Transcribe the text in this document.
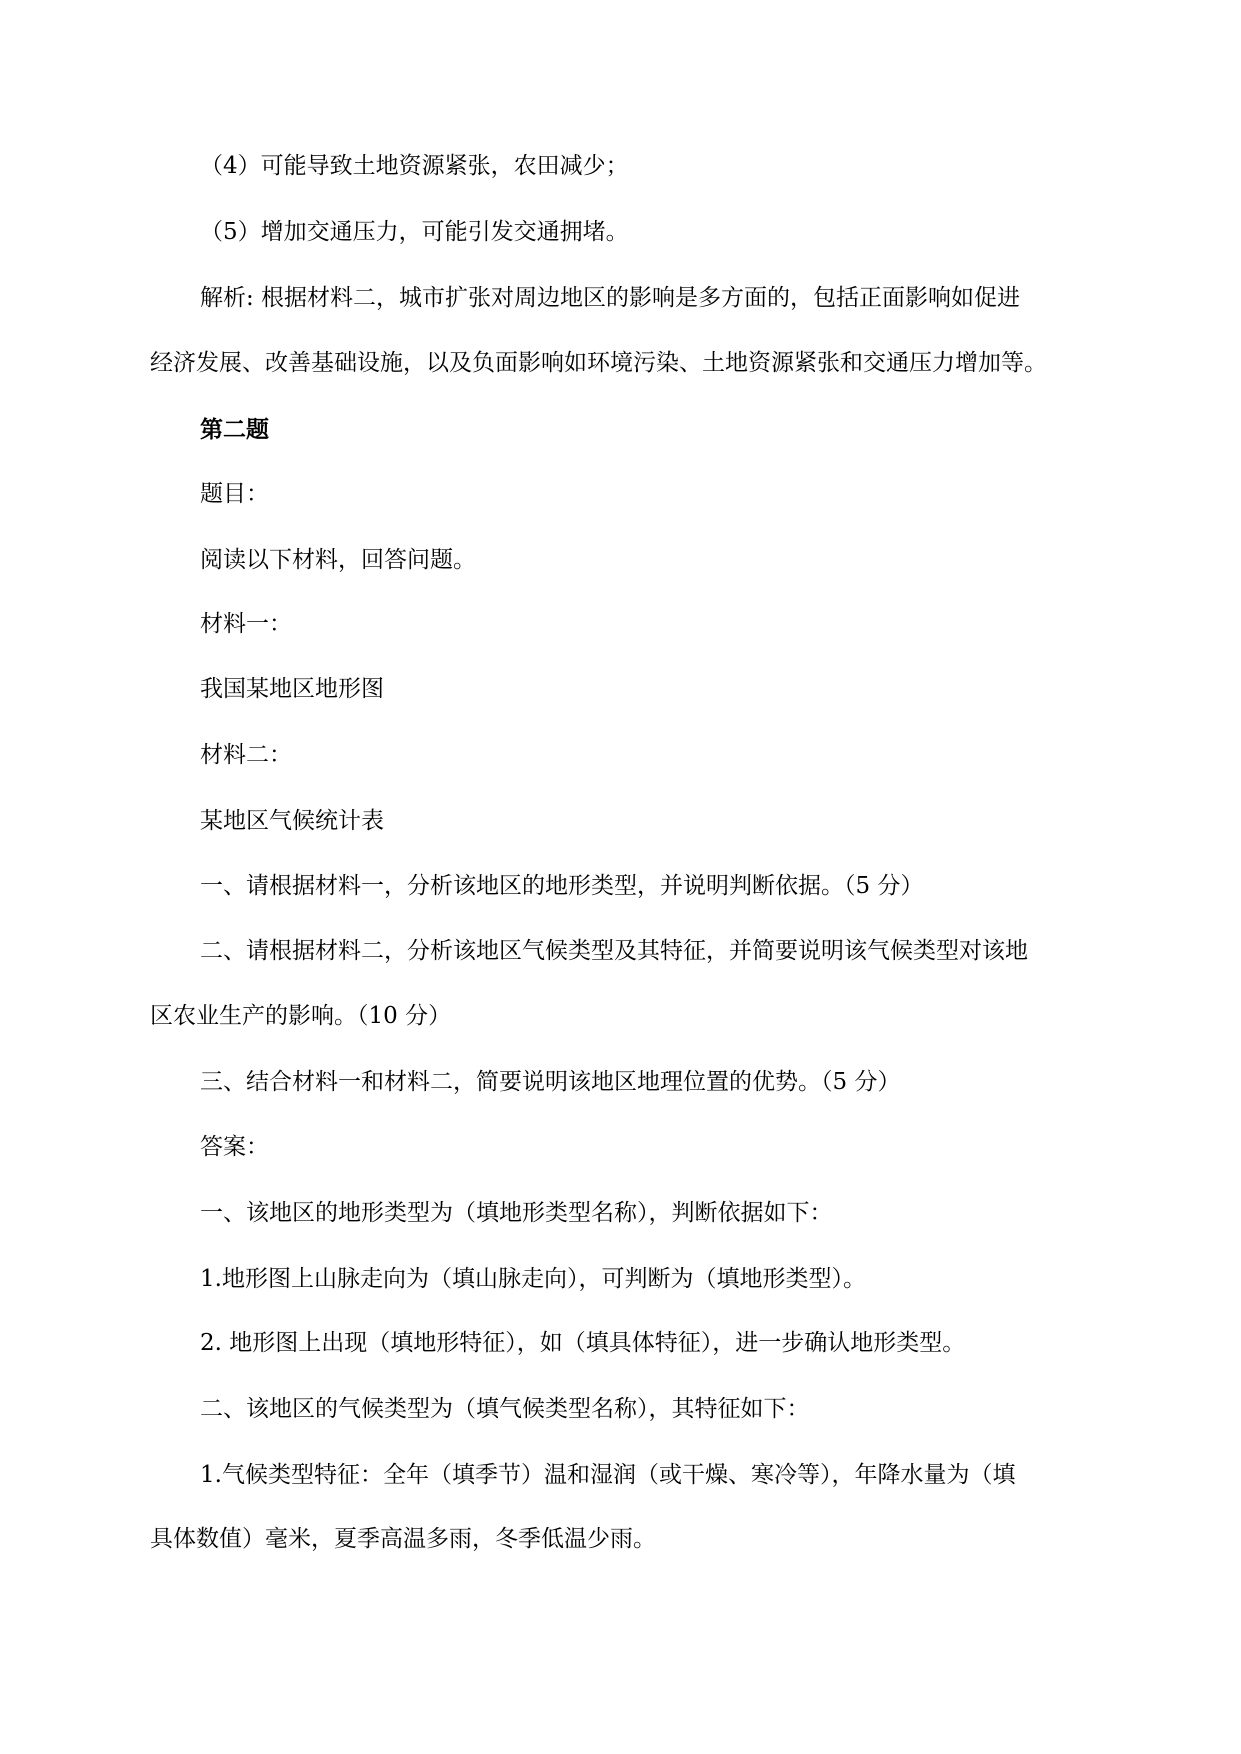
（4）可能导致土地资源紧张，农田减少；
（5）增加交通压力，可能引发交通拥堵。
解析: 根据材料二，城市扩张对周边地区的影响是多方面的，包括正面影响如促进
经济发展、改善基础设施，以及负面影响如环境污染、土地资源紧张和交通压力增加等。
第二题
题目：
阅读以下材料，回答问题。
材料一：
我国某地区地形图
材料二：
某地区气候统计表
一、请根据材料一，分析该地区的地形类型，并说明判断依据。（5 分）
二、请根据材料二，分析该地区气候类型及其特征，并简要说明该气候类型对该地
区农业生产的影响。（10 分）
三、结合材料一和材料二，简要说明该地区地理位置的优势。（5 分）
答案：
一、该地区的地形类型为（填地形类型名称），判断依据如下：
1.地形图上山脉走向为（填山脉走向），可判断为（填地形类型）。
2. 地形图上出现（填地形特征），如（填具体特征），进一步确认地形类型。
二、该地区的气候类型为（填气候类型名称），其特征如下：
1.气候类型特征：全年（填季节）温和湿润（或干燥、寒冷等），年降水量为（填
具体数值）毫米，夏季高温多雨，冬季低温少雨。
